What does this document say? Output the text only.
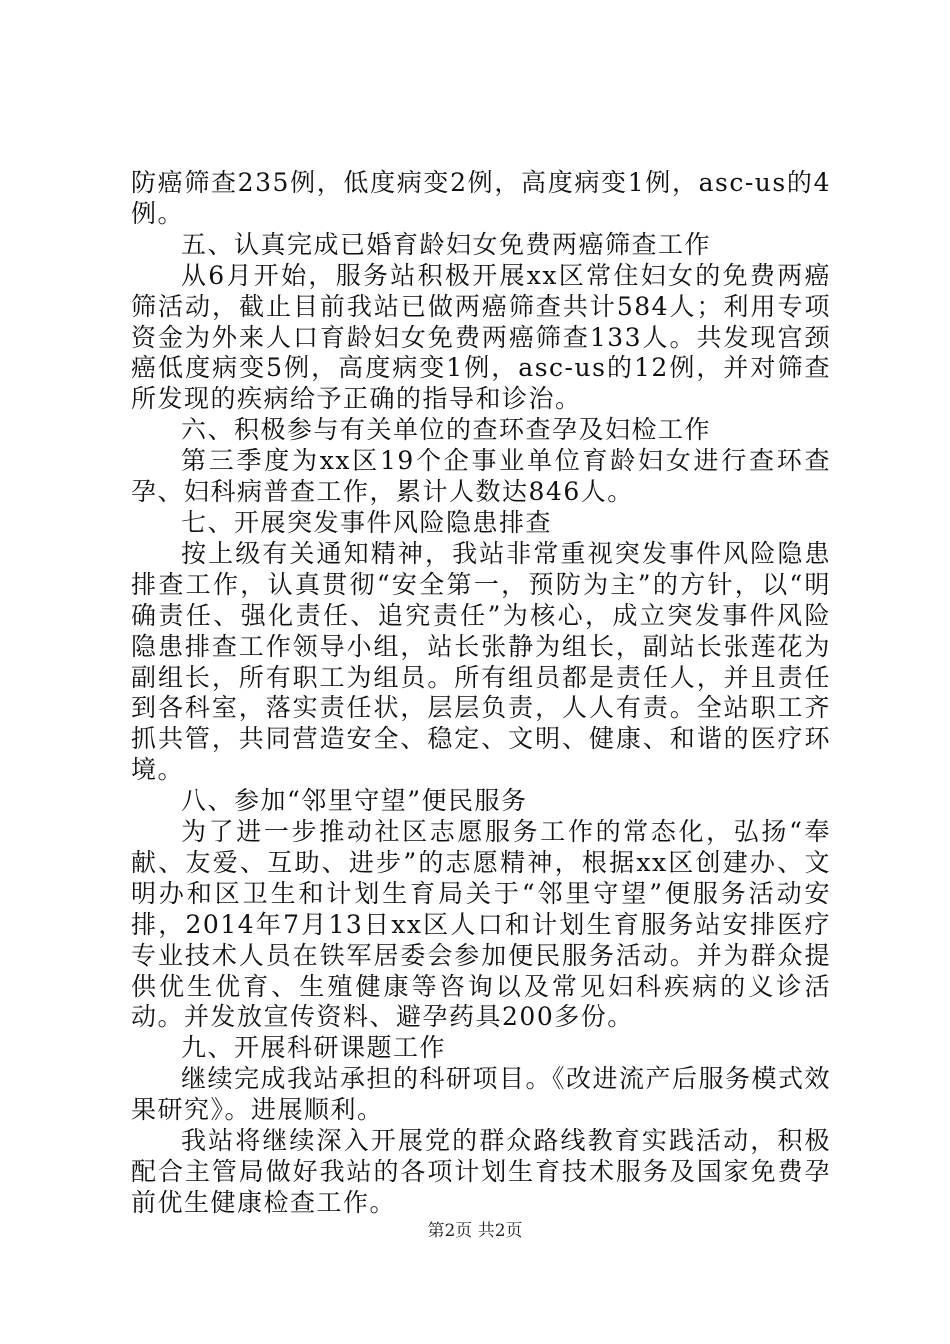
防癌筛查235例，低度病变2例，高度病变1例，asc-us的4例。

五、认真完成已婚育龄妇女免费两癌筛查工作

从6月开始，服务站积极开展xx区常住妇女的免费两癌筛活动，截止目前我站已做两癌筛查共计584人；利用专项资金为外来人口育龄妇女免费两癌筛查133人。共发现宫颈癌低度病变5例，高度病变1例，asc-us的12例，并对筛查所发现的疾病给予正确的指导和诊治。

六、积极参与有关单位的查环查孕及妇检工作

第三季度为xx区19个企事业单位育龄妇女进行查环查孕、妇科病普查工作，累计人数达846人。

七、开展突发事件风险隐患排查

按上级有关通知精神，我站非常重视突发事件风险隐患排查工作，认真贯彻“安全第一，预防为主”的方针，以“明确责任、强化责任、追究责任”为核心，成立突发事件风险隐患排查工作领导小组，站长张静为组长，副站长张莲花为副组长，所有职工为组员。所有组员都是责任人，并且责任到各科室，落实责任状，层层负责，人人有责。全站职工齐抓共管，共同营造安全、稳定、文明、健康、和谐的医疗环境。

八、参加“邻里守望”便民服务

为了进一步推动社区志愿服务工作的常态化，弘扬“奉献、友爱、互助、进步”的志愿精神，根据xx区创建办、文明办和区卫生和计划生育局关于“邻里守望”便服务活动安排，2014年7月13日xx区人口和计划生育服务站安排医疗专业技术人员在铁军居委会参加便民服务活动。并为群众提供优生优育、生殖健康等咨询以及常见妇科疾病的义诊活动。并发放宣传资料、避孕药具200多份。

九、开展科研课题工作

继续完成我站承担的科研项目。《改进流产后服务模式效果研究》。进展顺利。

我站将继续深入开展党的群众路线教育实践活动，积极配合主管局做好我站的各项计划生育技术服务及国家免费孕前优生健康检查工作。

第2页 共2页
